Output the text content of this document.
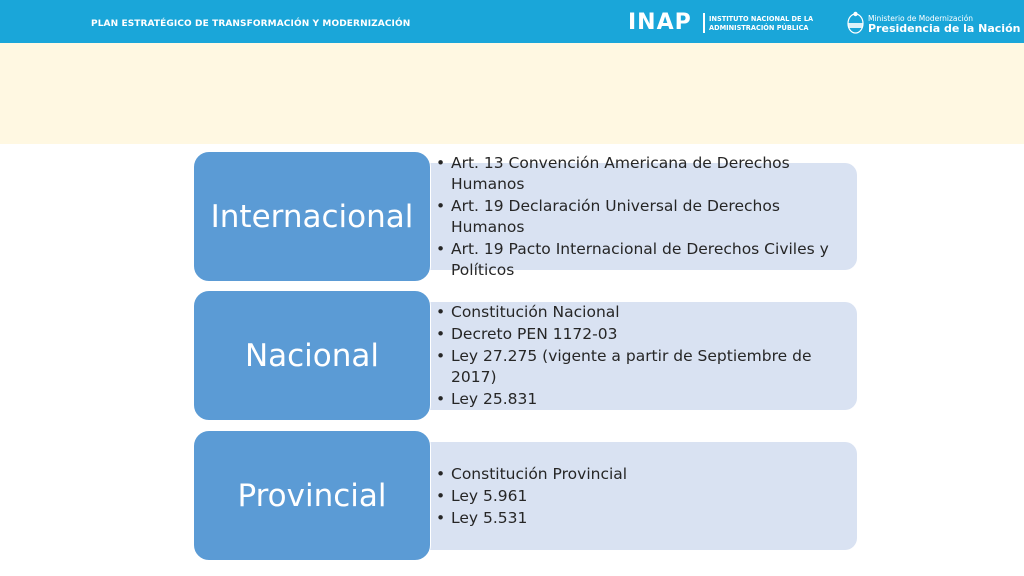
PLAN ESTRATÉGICO DE TRANSFORMACIÓN Y MODERNIZACIÓN	INAP	INSTITUTO NACIONAL DE LA
ADMINISTRACIÓN PÚBLICA
Ministerio de Modernización
Presidencia de la Nación
• Art. 13 Convención Americana de Derechos Humanos
• Art. 19 Declaración Universal de Derechos Humanos
• Art. 19 Pacto Internacional de Derechos Civiles y Políticos
Internacional
• Constitución Nacional
• Decreto PEN 1172-03
• Ley 27.275 (vigente a partir de Septiembre de 2017)
• Ley 25.831
Nacional
• Constitución Provincial
• Ley 5.961
• Ley 5.531
Provincial
